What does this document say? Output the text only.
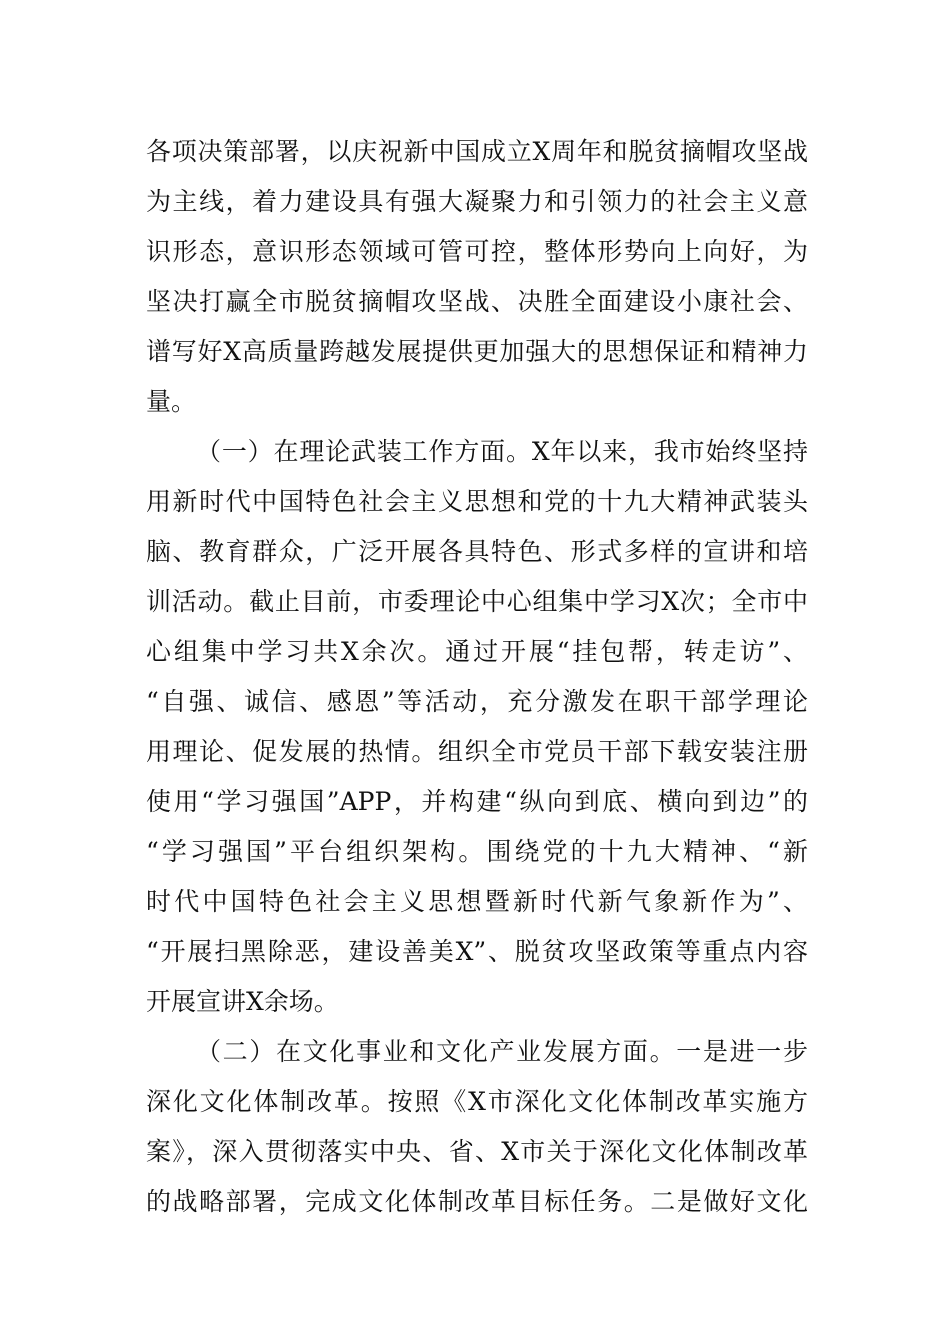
各项决策部署，以庆祝新中国成立X周年和脱贫摘帽攻坚战
为主线，着力建设具有强大凝聚力和引领力的社会主义意
识形态，意识形态领域可管可控，整体形势向上向好，为
坚决打赢全市脱贫摘帽攻坚战、决胜全面建设小康社会、
谱写好X高质量跨越发展提供更加强大的思想保证和精神力
量。
（一）在理论武装工作方面。X年以来，我市始终坚持
用新时代中国特色社会主义思想和党的十九大精神武装头
脑、教育群众，广泛开展各具特色、形式多样的宣讲和培
训活动。截止目前，市委理论中心组集中学习X次；全市中
心组集中学习共X余次。通过开展“挂包帮，转走访”、
“自强、诚信、感恩”等活动，充分激发在职干部学理论
用理论、促发展的热情。组织全市党员干部下载安装注册
使用“学习强国”APP，并构建“纵向到底、横向到边”的
“学习强国”平台组织架构。围绕党的十九大精神、“新
时代中国特色社会主义思想暨新时代新气象新作为”、
“开展扫黑除恶，建设善美X”、脱贫攻坚政策等重点内容
开展宣讲X余场。
（二）在文化事业和文化产业发展方面。一是进一步
深化文化体制改革。按照《X市深化文化体制改革实施方
案》，深入贯彻落实中央、省、X市关于深化文化体制改革
的战略部署，完成文化体制改革目标任务。二是做好文化
